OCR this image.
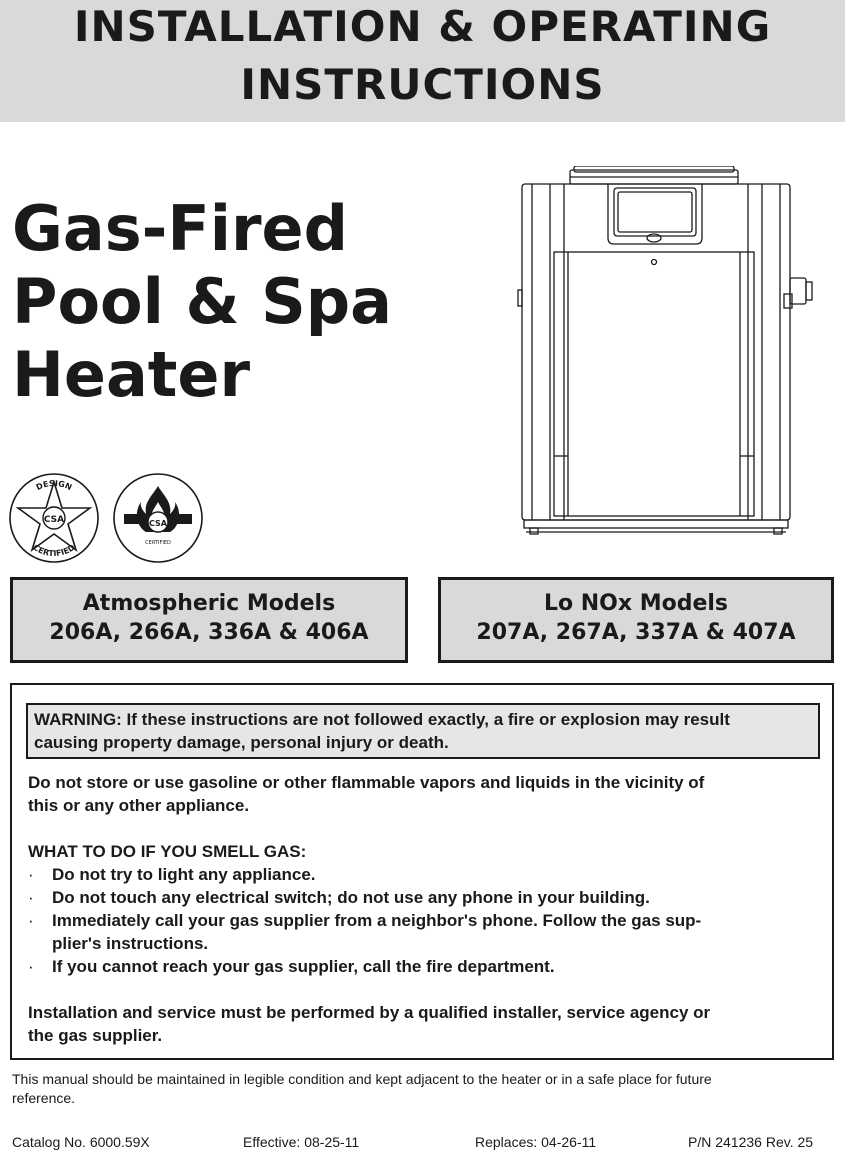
INSTALLATION & OPERATING
INSTRUCTIONS
Gas-Fired
Pool & Spa
Heater
DESIGN
CERTIFIED
CSA	CSA
CERTIFIED
Atmospheric Models
206A, 266A, 336A & 406A
Lo NOx Models
207A, 267A, 337A & 407A
WARNING: If these instructions are not followed exactly, a fire or explosion may result
causing property damage, personal injury or death.

Do not store or use gasoline or other flammable vapors and liquids in the vicinity of

this or any other appliance.

WHAT TO DO IF YOU SMELL GAS:

· Do not try to light any appliance.
· Do not touch any electrical switch; do not use any phone in your building.
· Immediately call your gas supplier from a neighbor's phone. Follow the gas sup-
plier's instructions.
· If you cannot reach your gas supplier, call the fire department.

Installation and service must be performed by a qualified installer, service agency or

the gas supplier.

This manual should be maintained in legible condition and kept adjacent to the heater or in a safe place for future
reference.
Catalog No. 6000.59X	Effective: 08-25-11	Replaces: 04-26-11	P/N 241236 Rev. 25
